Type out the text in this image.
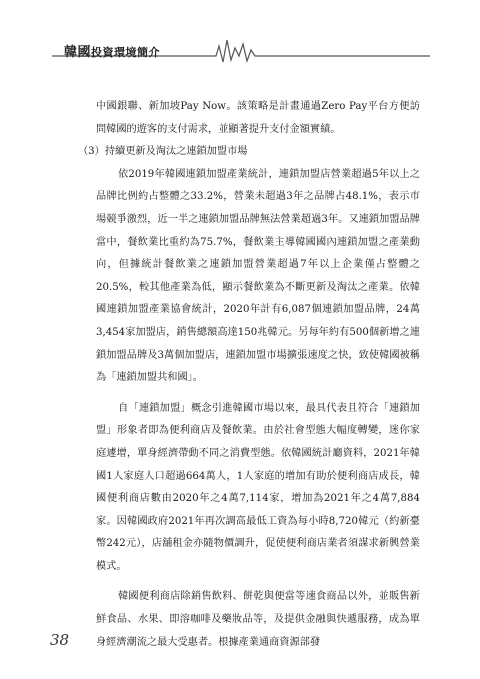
韓國投資環境簡介

中國銀聯、新加坡Pay Now。該策略是計畫通過Zero Pay平台方便訪問韓國的遊客的支付需求，並顯著提升支付金額實績。

（3）持續更新及淘汰之連鎖加盟市場

依2019年韓國連鎖加盟產業統計，連鎖加盟店營業超過5年以上之品牌比例約占整體之33.2%，營業未超過3年之品牌占48.1%，表示市場競爭激烈，近一半之連鎖加盟品牌無法營業超過3年。又連鎖加盟品牌當中，餐飲業比重約為75.7%，餐飲業主導韓國國內連鎖加盟之產業動向，但據統計餐飲業之連鎖加盟營業超過7年以上企業僅占整體之20.5%，較其他產業為低，顯示餐飲業為不斷更新及淘汰之產業。依韓國連鎖加盟產業協會統計，2020年計有6,087個連鎖加盟品牌，24萬3,454家加盟店，銷售總額高達150兆韓元。另每年約有500個新增之連鎖加盟品牌及3萬個加盟店，連鎖加盟市場擴張速度之快，致使韓國被稱為「連鎖加盟共和國」。

自「連鎖加盟」概念引進韓國市場以來，最具代表且符合「連鎖加盟」形象者即為便利商店及餐飲業。由於社會型態大幅度轉變，迷你家庭遽增，單身經濟帶動不同之消費型態。依韓國統計廳資料，2021年韓國1人家庭人口超過664萬人，1人家庭的增加有助於便利商店成長，韓國便利商店數由2020年之4萬7,114家，增加為2021年之4萬7,884家。因韓國政府2021年再次調高最低工資為每小時8,720韓元（約新臺幣242元），店舖租金亦隨物價調升，促使便利商店業者須謀求新興營業模式。

韓國便利商店除銷售飲料、餅乾與便當等速食商品以外，並販售新鮮食品、水果、即溶咖啡及藥妝品等，及提供金融與快遞服務，成為單身經濟潮流之最大受惠者。根據產業通商資源部發

38
